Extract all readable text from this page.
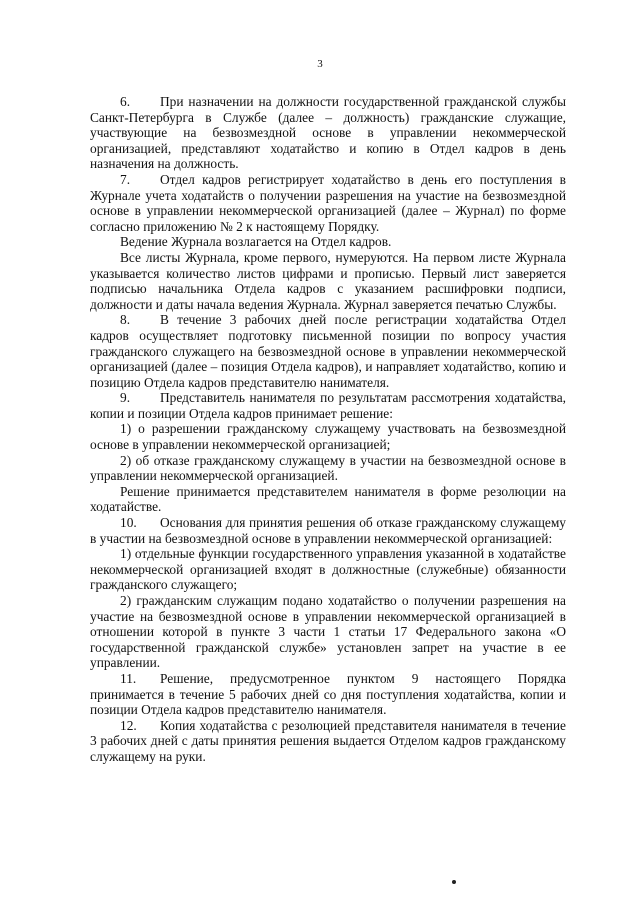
3

6. При назначении на должности государственной гражданской службы Санкт-Петербурга в Службе (далее – должность) гражданские служащие, участвующие на безвозмездной основе в управлении некоммерческой организацией, представляют ходатайство и копию в Отдел кадров в день назначения на должность.

7. Отдел кадров регистрирует ходатайство в день его поступления в Журнале учета ходатайств о получении разрешения на участие на безвозмездной основе в управлении некоммерческой организацией (далее – Журнал) по форме согласно приложению № 2 к настоящему Порядку.

Ведение Журнала возлагается на Отдел кадров.

Все листы Журнала, кроме первого, нумеруются. На первом листе Журнала указывается количество листов цифрами и прописью. Первый лист заверяется подписью начальника Отдела кадров с указанием расшифровки подписи, должности и даты начала ведения Журнала. Журнал заверяется печатью Службы.

8. В течение 3 рабочих дней после регистрации ходатайства Отдел кадров осуществляет подготовку письменной позиции по вопросу участия гражданского служащего на безвозмездной основе в управлении некоммерческой организацией (далее – позиция Отдела кадров), и направляет ходатайство, копию и позицию Отдела кадров представителю нанимателя.

9. Представитель нанимателя по результатам рассмотрения ходатайства, копии и позиции Отдела кадров принимает решение:

1) о разрешении гражданскому служащему участвовать на безвозмездной основе в управлении некоммерческой организацией;

2) об отказе гражданскому служащему в участии на безвозмездной основе в управлении некоммерческой организацией.

Решение принимается представителем нанимателя в форме резолюции на ходатайстве.

10. Основания для принятия решения об отказе гражданскому служащему в участии на безвозмездной основе в управлении некоммерческой организацией:

1) отдельные функции государственного управления указанной в ходатайстве некоммерческой организацией входят в должностные (служебные) обязанности гражданского служащего;

2) гражданским служащим подано ходатайство о получении разрешения на участие на безвозмездной основе в управлении некоммерческой организацией в отношении которой в пункте 3 части 1 статьи 17 Федерального закона «О государственной гражданской службе» установлен запрет на участие в ее управлении.

11. Решение, предусмотренное пунктом 9 настоящего Порядка принимается в течение 5 рабочих дней со дня поступления ходатайства, копии и позиции Отдела кадров представителю нанимателя.

12. Копия ходатайства с резолюцией представителя нанимателя в течение 3 рабочих дней с даты принятия решения выдается Отделом кадров гражданскому служащему на руки.
